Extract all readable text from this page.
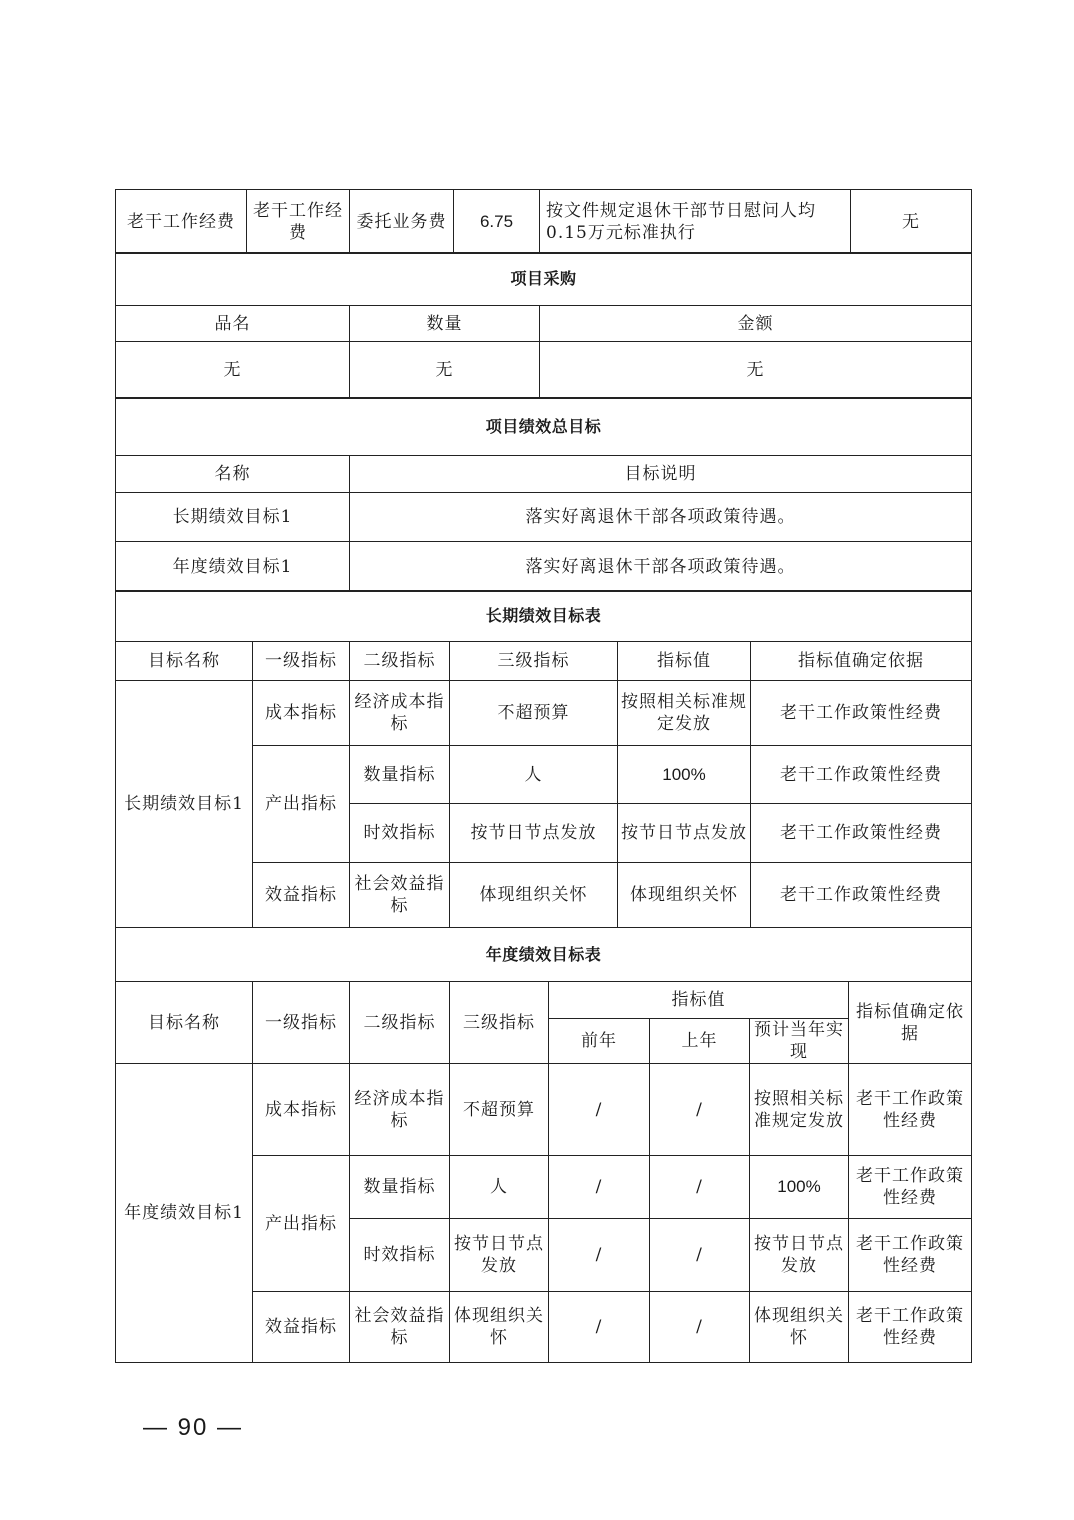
老干工作经费	老干工作经费	委托业务费	6.75	按文件规定退休干部节日慰问人均0.15万元标准执行	无
项目采购		
品名	数量	金额
无	无	无
项目绩效总目标	
名称	目标说明
长期绩效目标1	落实好离退休干部各项政策待遇。
年度绩效目标1	落实好离退休干部各项政策待遇。
长期绩效目标表					
目标名称	一级指标	二级指标	三级指标	指标值	指标值确定依据
长期绩效目标1	成本指标	经济成本指标	不超预算	按照相关标准规定发放	老干工作政策性经费
	产出指标	数量指标	人	100%	老干工作政策性经费
		时效指标	按节日节点发放	按节日节点发放	老干工作政策性经费
	效益指标	社会效益指标	体现组织关怀	体现组织关怀	老干工作政策性经费
年度绩效目标表							
目标名称	一级指标	二级指标	三级指标	指标值			指标值确定依据
				前年	上年	预计当年实现	
年度绩效目标1	成本指标	经济成本指标	不超预算	/	/	按照相关标准规定发放	老干工作政策性经费
	产出指标	数量指标	人	/	/	100%	老干工作政策性经费
		时效指标	按节日节点发放	/	/	按节日节点发放	老干工作政策性经费
	效益指标	社会效益指标	体现组织关怀	/	/	体现组织关怀	老干工作政策性经费
— 90 —
